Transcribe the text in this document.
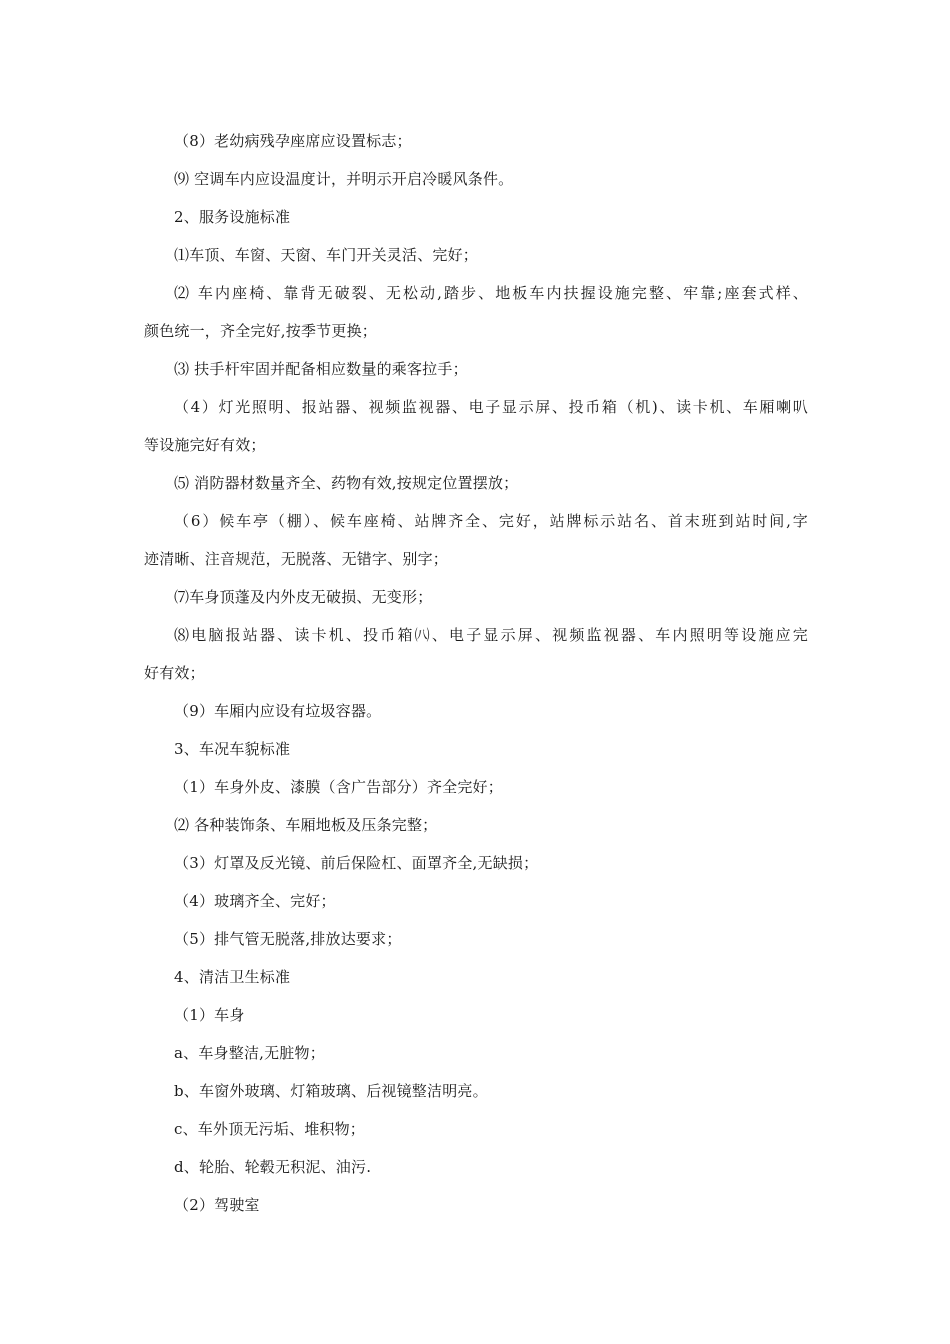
（8）老幼病残孕座席应设置标志；
⑼ 空调车内应设温度计，并明示开启冷暖风条件。
2、服务设施标准
⑴车顶、车窗、天窗、车门开关灵活、完好；
⑵ 车内座椅、靠背无破裂、无松动,踏步、地板车内扶握设施完整、牢靠;座套式样、
颜色统一，齐全完好,按季节更换；
⑶ 扶手杆牢固并配备相应数量的乘客拉手；
（4）灯光照明、报站器、视频监视器、电子显示屏、投币箱（机)、读卡机、车厢喇叭
等设施完好有效；
⑸ 消防器材数量齐全、药物有效,按规定位置摆放；
（6）候车亭（棚）、候车座椅、站牌齐全、完好，站牌标示站名、首末班到站时间,字
迹清晰、注音规范，无脱落、无错字、别字；
⑺车身顶蓬及内外皮无破损、无变形；
⑻电脑报站器、读卡机、投币箱㈧、电子显示屏、视频监视器、车内照明等设施应完
好有效；
（9）车厢内应设有垃圾容器。
3、车况车貌标准
（1）车身外皮、漆膜（含广告部分）齐全完好；
⑵ 各种装饰条、车厢地板及压条完整；
（3）灯罩及反光镜、前后保险杠、面罩齐全,无缺损；
（4）玻璃齐全、完好；
（5）排气管无脱落,排放达要求；
4、清洁卫生标准
（1）车身
a、车身整洁,无脏物；
b、车窗外玻璃、灯箱玻璃、后视镜整洁明亮。
c、车外顶无污垢、堆积物；
d、轮胎、轮毂无积泥、油污.
（2）驾驶室
